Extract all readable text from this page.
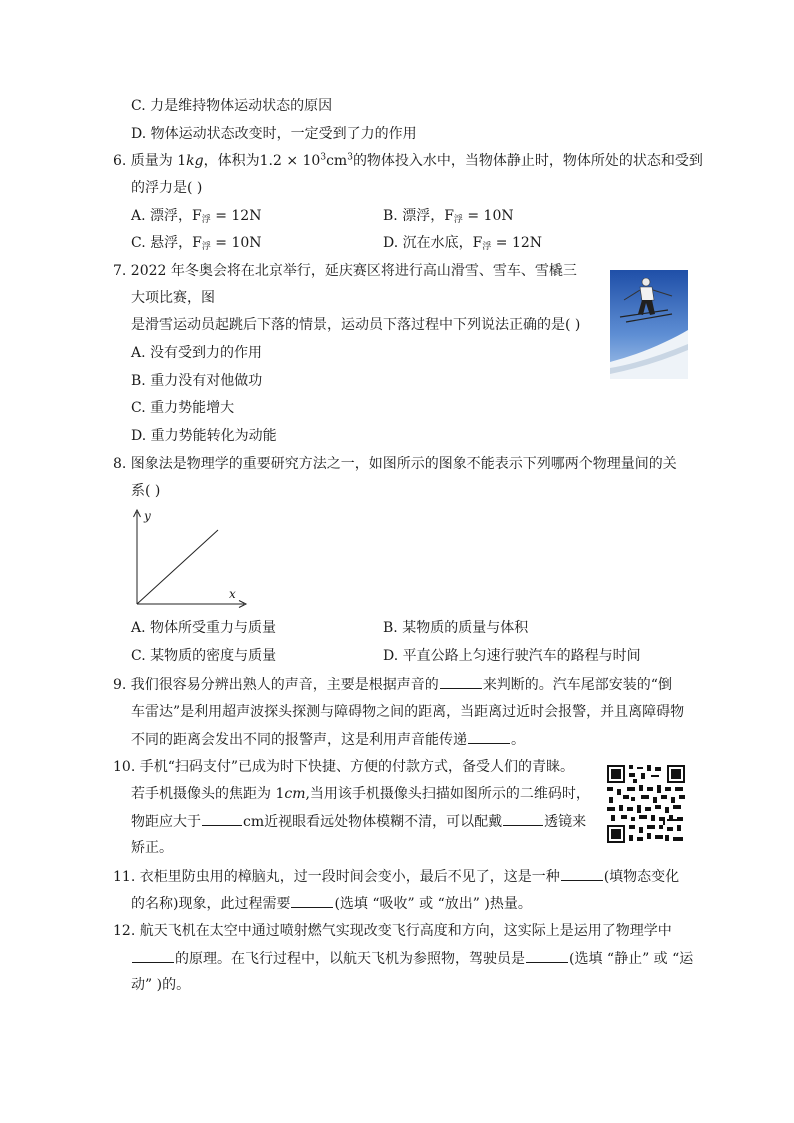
C. 力是维持物体运动状态的原因
D. 物体运动状态改变时，一定受到了力的作用
6. 质量为 1kg，体积为$1.2 \times 10^3cm^3$的物体投入水中，当物体静止时，物体所处的状态和受到
的浮力是( )
A. 漂浮，F浮 = 12N	B. 漂浮，F浮 = 10N
C. 悬浮，F浮 = 10N	D. 沉在水底，F浮 = 12N
7. 2022 年冬奥会将在北京举行，延庆赛区将进行高山滑雪、雪车、雪橇三
大项比赛，图
是滑雪运动员起跳后下落的情景，运动员下落过程中下列说法正确的是( )
A. 没有受到力的作用
B. 重力没有对他做功
C. 重力势能增大
D. 重力势能转化为动能
8. 图象法是物理学的重要研究方法之一，如图所示的图象不能表示下列哪两个物理量间的关
系( )
y
x
A. 物体所受重力与质量	B. 某物质的质量与体积
C. 某物质的密度与质量	D. 平直公路上匀速行驶汽车的路程与时间
9. 我们很容易分辨出熟人的声音，主要是根据声音的	来判断的。汽车尾部安装的“倒
车雷达”是利用超声波探头探测与障碍物之间的距离，当距离过近时会报警，并且离障碍物
不同的距离会发出不同的报警声，这是利用声音能传递	。
10. 手机“扫码支付”已成为时下快捷、方便的付款方式，备受人们的青睐。
若手机摄像头的焦距为 1cm,当用该手机摄像头扫描如图所示的二维码时，
物距应大于	cm近视眼看远处物体模糊不清，可以配戴	透镜来
矫正。
11. 衣柜里防虫用的樟脑丸，过一段时间会变小，最后不见了，这是一种	(填物态变化
的名称)现象，此过程需要	(选填 “吸收” 或 “放出” )热量。
12. 航天飞机在太空中通过喷射燃气实现改变飞行高度和方向，这实际上是运用了物理学中
的原理。在飞行过程中，以航天飞机为参照物，驾驶员是	(选填 “静止” 或 “运
动” )的。
